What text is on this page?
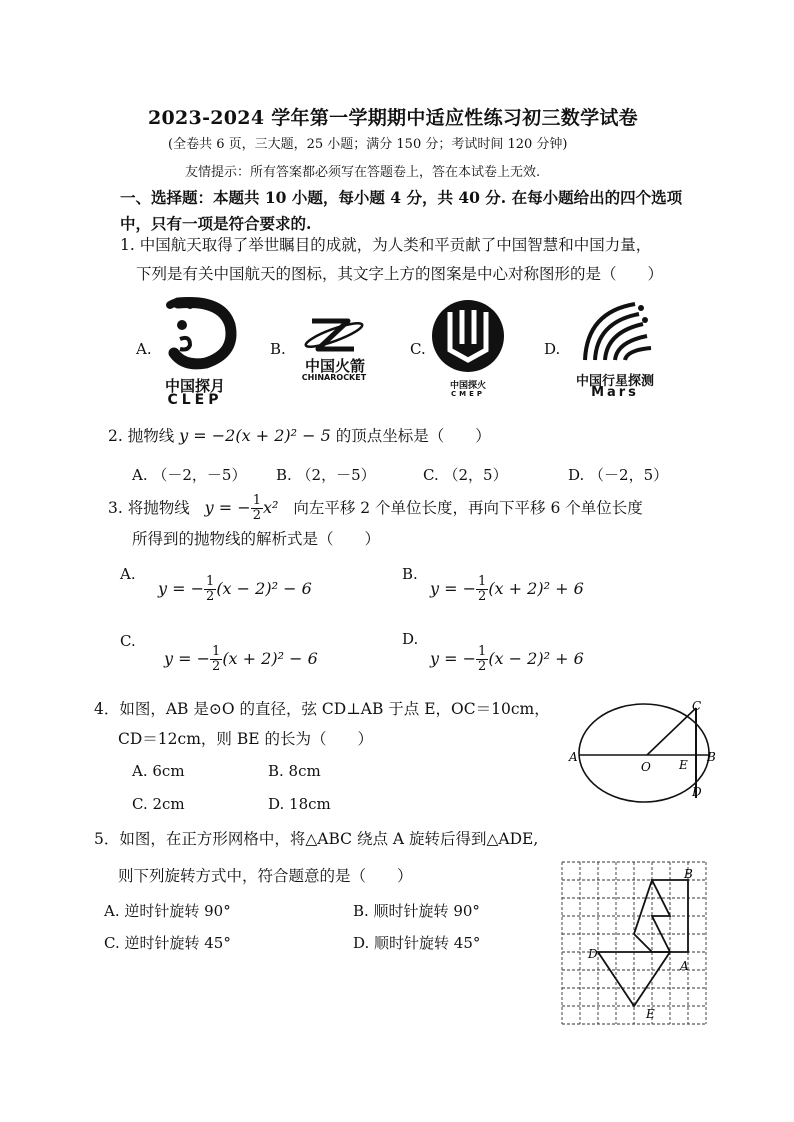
2023-2024 学年第一学期期中适应性练习初三数学试卷
(全卷共 6 页，三大题，25 小题；满分 150 分；考试时间 120 分钟)
友情提示：所有答案都必须写在答题卷上，答在本试卷上无效.
一、选择题：本题共 10 小题，每小题 4 分，共 40 分. 在每小题给出的四个选项中，只有一项是符合要求的.
1. 中国航天取得了举世瞩目的成就，为人类和平贡献了中国智慧和中国力量，
下列是有关中国航天的图标，其文字上方的图案是中心对称图形的是（　　）
A.
中国探月
CLEP
B.
中国火箭
CHINAROCKET
C.
中国探火
CMEP
D.
中国行星探测
Mars
2. 抛物线 y = −2(x + 2)² − 5 的顶点坐标是（　　）
A. （－2，－5） B. （2，－5）	C. （2，5）	D. （－2，5）
3. 将抛物线 y = − $\frac{1}{2} x^2$ 向左平移 2 个单位长度，再向下平移 6 个单位长度
所得到的抛物线的解析式是（　　）
A.
y = − $\frac{1}{2} (x - 2)^2 - 6$
B.
y = − $\frac{1}{2} (x + 2)^2 + 6$
C.
y = − $\frac{1}{2} (x + 2)^2 - 6$
D.
y = − $\frac{1}{2} (x - 2)^2 + 6$
4．如图，AB 是⊙O 的直径，弦 CD⊥AB 于点 E，OC＝10cm，
CD＝12cm，则 BE 的长为（　　）
A. 6cm	B. 8cm
C. 2cm	D. 18cm
A
O E
B
C
D
5．如图，在正方形网格中，将△ABC 绕点 A 旋转后得到△ADE,
则下列旋转方式中，符合题意的是（　　）
A. 逆时针旋转 90°	B. 顺时针旋转 90°
C. 逆时针旋转 45°	D. 顺时针旋转 45°
B
A
D
E
